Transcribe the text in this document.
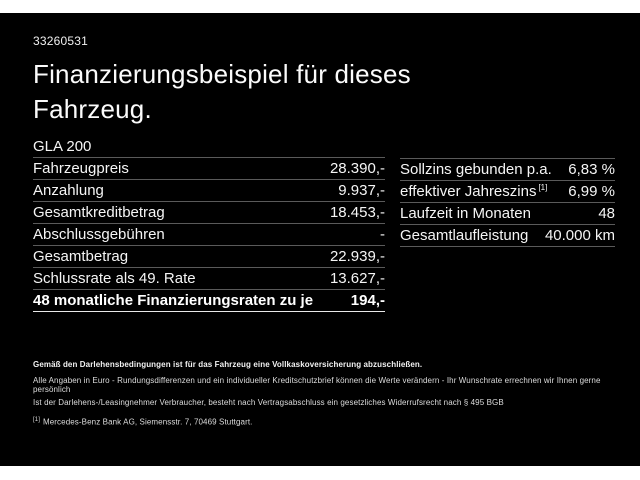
33260531

Finanzierungsbeispiel für dieses
Fahrzeug.
GLA 200
Fahrzeugpreis	28.390,-
Anzahlung	9.937,-
Gesamtkreditbetrag	18.453,-
Abschlussgebühren	-
Gesamtbetrag	22.939,-
Schlussrate als 49. Rate	13.627,-
48 monatliche Finanzierungsraten zu je	194,-
Sollzins gebunden p.a. 6,83 %
effektiver Jahreszins [1] 6,99 %
Laufzeit in Monaten	48
Gesamtlaufleistung 40.000 km

Gemäß den Darlehensbedingungen ist für das Fahrzeug eine Vollkaskoversicherung abzuschließen.

Alle Angaben in Euro - Rundungsdifferenzen und ein individueller Kreditschutzbrief können die Werte verändern - Ihr Wunschrate errechnen wir Ihnen gerne persönlich

Ist der Darlehens-/Leasingnehmer Verbraucher, besteht nach Vertragsabschluss ein gesetzliches Widerrufsrecht nach § 495 BGB

[1] Mercedes-Benz Bank AG, Siemensstr. 7, 70469 Stuttgart.
